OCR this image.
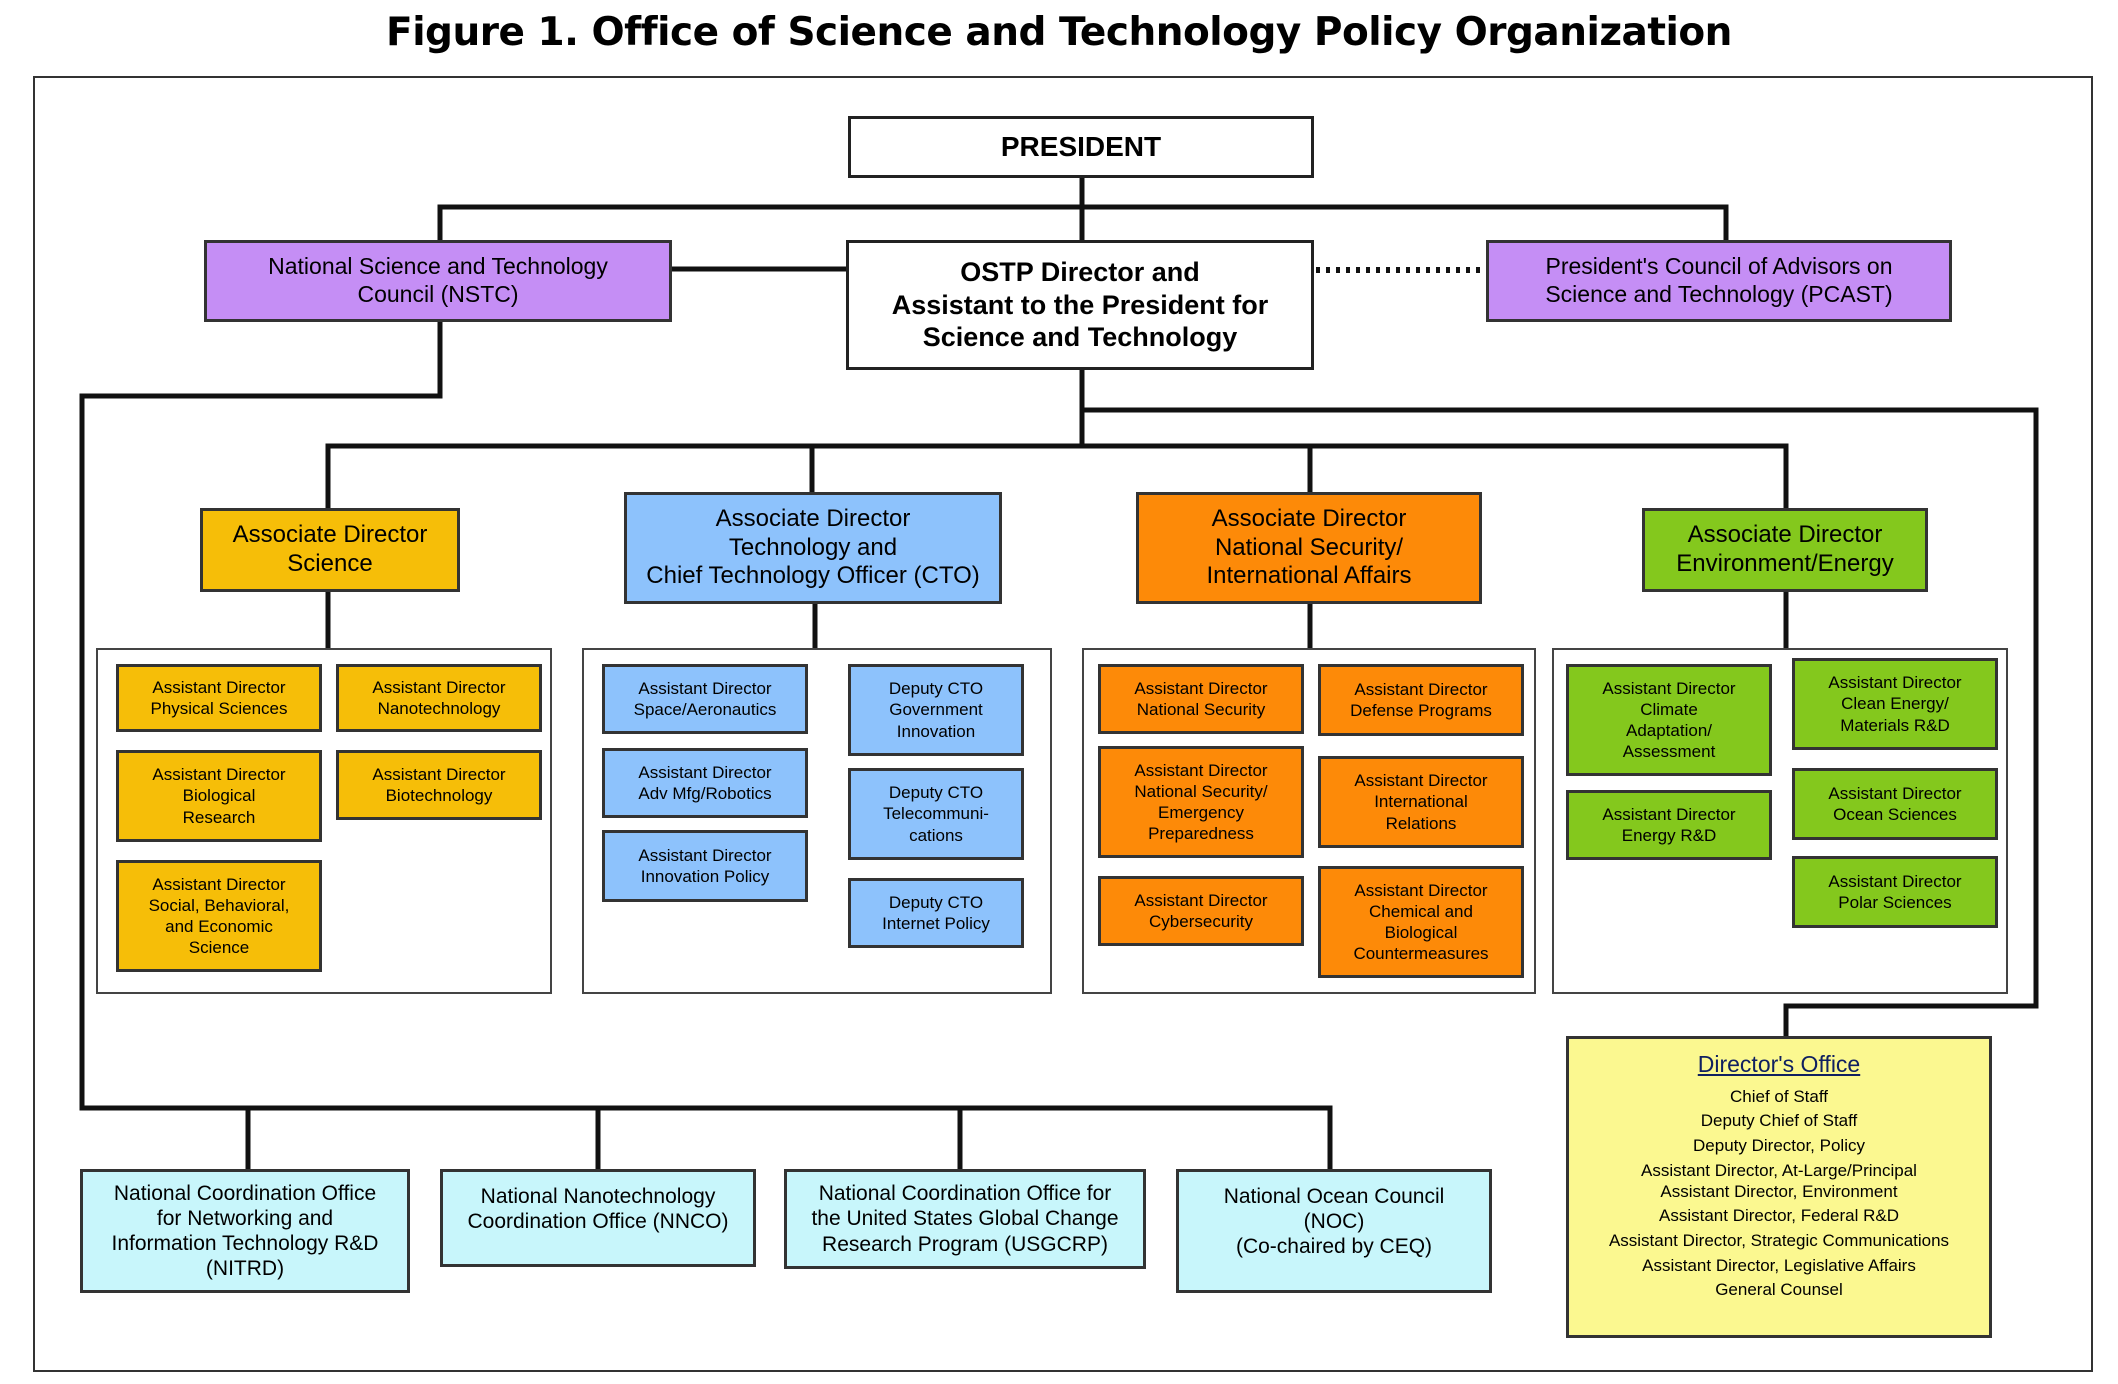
Figure 1. Office of Science and Technology Policy Organization
PRESIDENT
OSTP Director and
Assistant to the President for
Science and Technology
National Science and Technology
Council (NSTC)
President's Council of Advisors on
Science and Technology (PCAST)
Associate Director
Science
Associate Director
Technology and
Chief Technology Officer (CTO)
Associate Director
National Security/
International Affairs
Associate Director
Environment/Energy
Assistant Director
Physical Sciences
Assistant Director
Nanotechnology
Assistant Director
Biological
Research
Assistant Director
Biotechnology
Assistant Director
Social, Behavioral,
and Economic
Science
Assistant Director
Space/Aeronautics
Assistant Director
Adv Mfg/Robotics
Assistant Director
Innovation Policy
Deputy CTO
Government
Innovation
Deputy CTO
Telecommuni-
cations
Deputy CTO
Internet Policy
Assistant Director
National Security
Assistant Director
National Security/
Emergency
Preparedness
Assistant Director
Cybersecurity
Assistant Director
Defense Programs
Assistant Director
International
Relations
Assistant Director
Chemical and
Biological
Countermeasures
Assistant Director
Climate
Adaptation/
Assessment
Assistant Director
Energy R&D
Assistant Director
Clean Energy/
Materials R&D
Assistant Director
Ocean Sciences
Assistant Director
Polar Sciences
National Coordination Office
for Networking and
Information Technology R&D
(NITRD)
National Nanotechnology
Coordination Office (NNCO)
National Coordination Office for
the United States Global Change
Research Program (USGCRP)
National Ocean Council
(NOC)
(Co-chaired by CEQ)
Director's Office
Chief of Staff
Deputy Chief of Staff
Deputy Director, Policy
Assistant Director, At-Large/Principal
Assistant Director, Environment
Assistant Director, Federal R&D
Assistant Director, Strategic Communications
Assistant Director, Legislative Affairs
General Counsel
